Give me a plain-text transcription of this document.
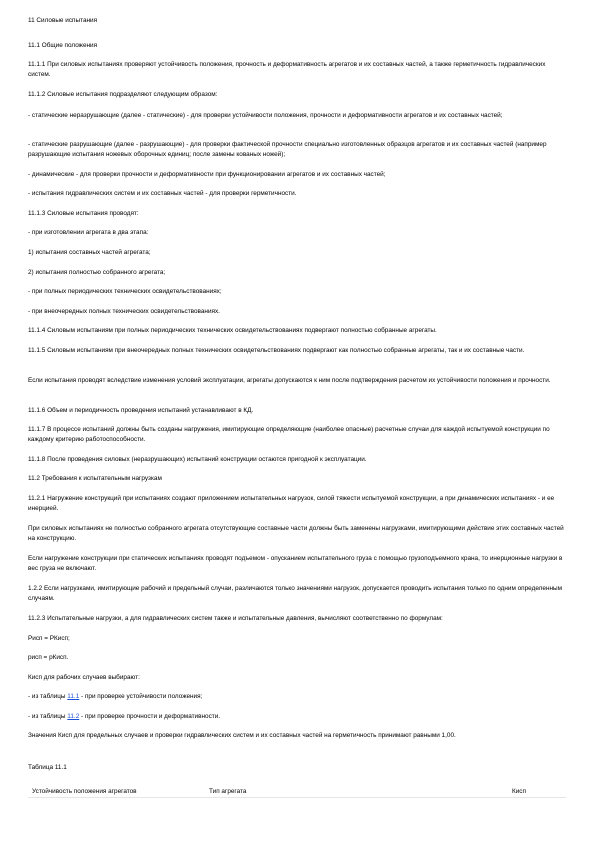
11 Силовые испытания

11.1 Общие положения

11.1.1 При силовых испытаниях проверяют устойчивость положения, прочность и деформативность агрегатов и их составных частей, а также герметичность гидравлических систем.

11.1.2 Силовые испытания подразделяют следующим образом:

- статические неразрушающие (далее - статические) - для проверки устойчивости положения, прочности и деформативности агрегатов и их составных частей;

- статические разрушающие (далее - разрушающие) - для проверки фактической прочности специально изготовленных образцов агрегатов и их составных частей (например разрушающие испытания ножевых оборочных единиц; после замены кованых ножей);

- динамические - для проверки прочности и деформативности при функционировании агрегатов и их составных частей;

- испытания гидравлических систем и их составных частей - для проверки герметичности.

11.1.3 Силовые испытания проводят:

- при изготовлении агрегата в два этапа:

1) испытания составных частей агрегата;

2) испытания полностью собранного агрегата;

- при полных периодических технических освидетельствованиях;

- при внеочередных полных технических освидетельствованиях.

11.1.4 Силовым испытаниям при полных периодических технических освидетельствованиях подвергают полностью собранные агрегаты.

11.1.5 Силовым испытаниям при внеочередных полных технических освидетельствованиях подвергают как полностью собранные агрегаты, так и их составные части.

Если испытания проводят вследствие изменения условий эксплуатации, агрегаты допускаются к ним после подтверждения расчетом их устойчивости положения и прочности.

11.1.6 Объем и периодичность проведения испытаний устанавливают в КД.

11.1.7 В процессе испытаний должны быть созданы нагружения, имитирующие определяющие (наиболее опасные) расчетные случаи для каждой испытуемой конструкции по каждому критерию работоспособности.

11.1.8 После проведения силовых (неразрушающих) испытаний конструкции остаются пригодной к эксплуатации.

11.2 Требования к испытательным нагрузкам

11.2.1 Нагружение конструкций при испытаниях создают приложением испытательных нагрузок, силой тяжести испытуемой конструкции, а при динамических испытаниях - и ее инерцией.

При силовых испытаниях не полностью собранного агрегата отсутствующие составные части должны быть заменены нагрузками, имитирующими действие этих составных частей на конструкцию.

Если нагружение конструкции при статических испытаниях проводят подъемом - опусканием испытательного груза с помощью грузоподъемного крана, то инерционные нагрузки в вес груза не включают.

1.2.2 Если нагрузками, имитирующие рабочий и предельный случаи, различаются только значениями нагрузок, допускается проводить испытания только по одним определенным случаям.

11.2.3 Испытательные нагрузки, а для гидравлических систем также и испытательные давления, вычисляют соответственно по формулам:

Pисп = PКисп;

pисп = pКисп.

Кисп для рабочих случаев выбирают:

- из таблицы 11.1 - при проверке устойчивости положения;

- из таблицы 11.2 - при проверке прочности и деформативности.

Значения Кисп для предельных случаев и проверки гидравлических систем и их составных частей на герметичность принимают равными 1,00.

Таблица 11.1

Устойчивость положения агрегатов	Тип агрегата	Кисп
